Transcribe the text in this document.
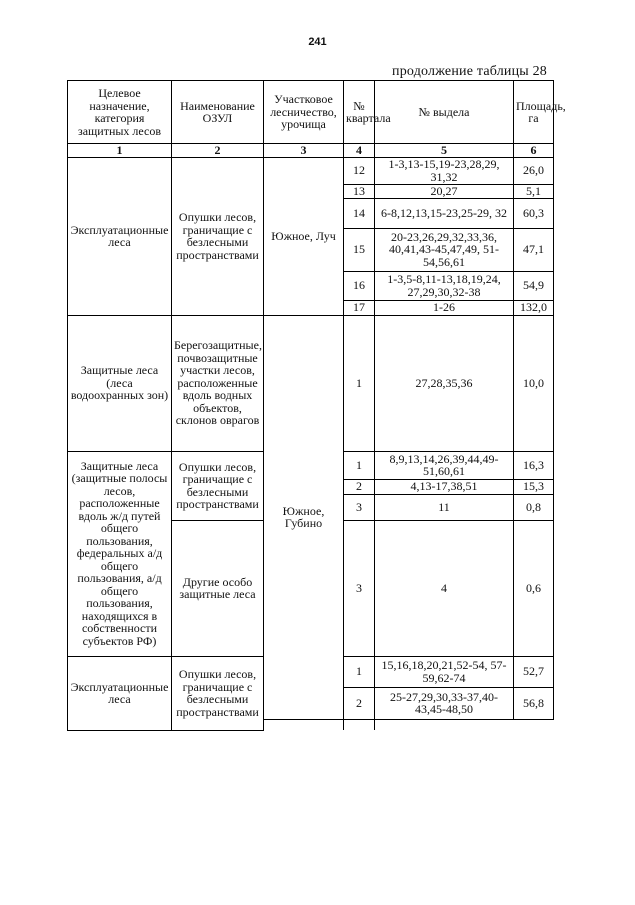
241
продолжение таблицы 28
Целевое назначение, категория защитных лесов	Наименование ОЗУЛ	Участковое лесничество, урочища	№ квартала	№ выдела	Площадь, га
1	2	3	4	5	6
Эксплуатационные леса	Опушки лесов, граничащие с безлесными пространствами	Южное, Луч	12	1-3,13-15,19-23,28,29, 31,32	26,0
			13	20,27	5,1
			14	6-8,12,13,15-23,25-29, 32	60,3
			15	20-23,26,29,32,33,36, 40,41,43-45,47,49, 51-54,56,61	47,1
			16	1-3,5-8,11-13,18,19,24, 27,29,30,32-38	54,9
			17	1-26	132,0
Защитные леса (леса водоохранных зон)	Берегозащитные, почвозащитные участки лесов, расположенные вдоль водных объектов, склонов оврагов	Южное, Губино	1	27,28,35,36	10,0
Защитные леса (защитные полосы лесов, расположенные вдоль ж/д путей общего пользования, федеральных а/д общего пользования, а/д общего пользования, находящихся в собственности субъектов РФ)	Опушки лесов, граничащие с безлесными пространствами		1	8,9,13,14,26,39,44,49- 51,60,61	16,3
			2	4,13-17,38,51	15,3
			3	11	0,8
	Другие особо защитные леса		3	4	0,6
Эксплуатационные леса	Опушки лесов, граничащие с безлесными пространствами		1	15,16,18,20,21,52-54, 57-59,62-74	52,7
			2	25-27,29,30,33-37,40- 43,45-48,50	56,8
